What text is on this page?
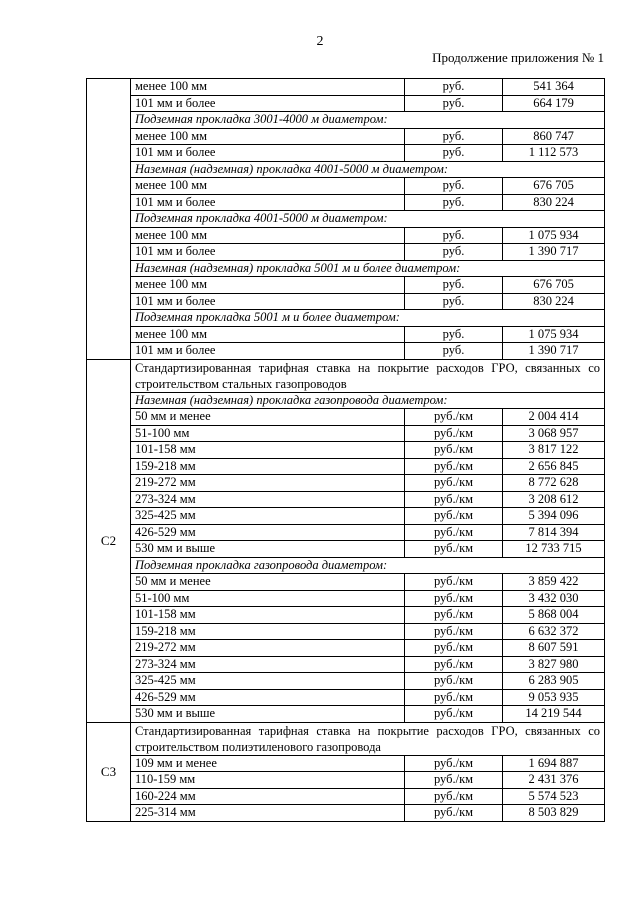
2
Продолжение приложения № 1
	менее 100 мм	руб.	541 364
	101 мм и более	руб.	664 179
	Подземная прокладка 3001-4000 м диаметром:		
	менее 100 мм	руб.	860 747
	101 мм и более	руб.	1 112 573
	Наземная (надземная) прокладка 4001-5000 м диаметром:		
	менее 100 мм	руб.	676 705
	101 мм и более	руб.	830 224
	Подземная прокладка 4001-5000 м диаметром:		
	менее 100 мм	руб.	1 075 934
	101 мм и более	руб.	1 390 717
	Наземная (надземная) прокладка 5001 м и более диаметром:		
	менее 100 мм	руб.	676 705
	101 мм и более	руб.	830 224
	Подземная прокладка 5001 м и более диаметром:		
	менее 100 мм	руб.	1 075 934
	101 мм и более	руб.	1 390 717
С2	Стандартизированная тарифная ставка на покрытие расходов ГРО, связанных со строительством стальных газопроводов		
	Наземная (надземная) прокладка газопровода диаметром:		
	50 мм и менее	руб./км	2 004 414
	51-100 мм	руб./км	3 068 957
	101-158 мм	руб./км	3 817 122
	159-218 мм	руб./км	2 656 845
	219-272 мм	руб./км	8 772 628
	273-324 мм	руб./км	3 208 612
	325-425 мм	руб./км	5 394 096
	426-529 мм	руб./км	7 814 394
	530 мм и выше	руб./км	12 733 715
	Подземная прокладка газопровода диаметром:		
	50 мм и менее	руб./км	3 859 422
	51-100 мм	руб./км	3 432 030
	101-158 мм	руб./км	5 868 004
	159-218 мм	руб./км	6 632 372
	219-272 мм	руб./км	8 607 591
	273-324 мм	руб./км	3 827 980
	325-425 мм	руб./км	6 283 905
	426-529 мм	руб./км	9 053 935
	530 мм и выше	руб./км	14 219 544
С3	Стандартизированная тарифная ставка на покрытие расходов ГРО, связанных со строительством полиэтиленового газопровода		
	109 мм и менее	руб./км	1 694 887
	110-159 мм	руб./км	2 431 376
	160-224 мм	руб./км	5 574 523
	225-314 мм	руб./км	8 503 829
